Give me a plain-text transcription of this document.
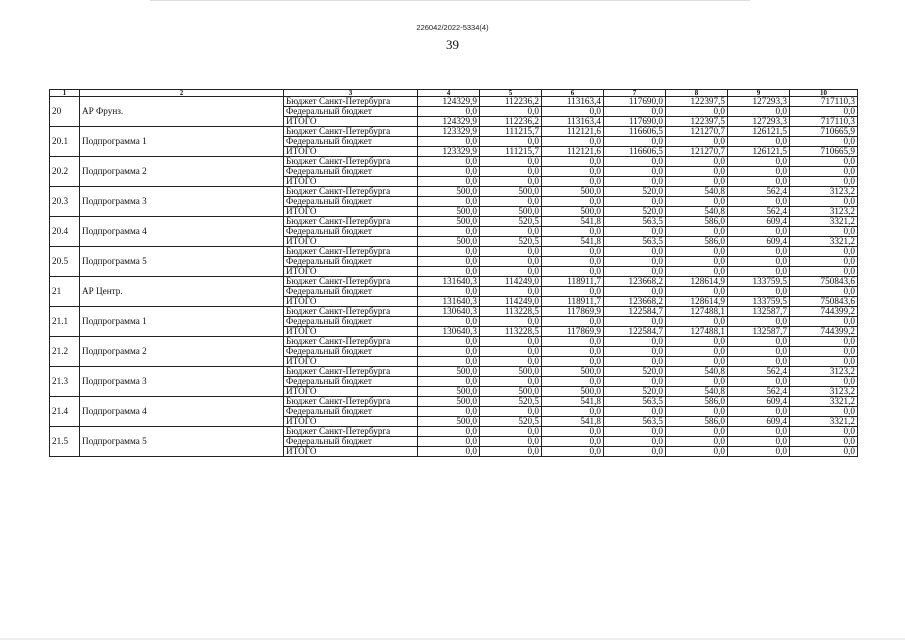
226042/2022-5334(4)
39
1	2	3	4	5	6	7	8	9	10
20	АР Фрунз.	Бюджет Санкт-Петербурга	124329,9	112236,2	113163,4	117690,0	122397,5	127293,3	717110,3
		Федеральный бюджет	0,0	0,0	0,0	0,0	0,0	0,0	0,0
		ИТОГО	124329,9	112236,2	113163,4	117690,0	122397,5	127293,3	717110,3
20.1	Подпрограмма 1	Бюджет Санкт-Петербурга	123329,9	111215,7	112121,6	116606,5	121270,7	126121,5	710665,9
		Федеральный бюджет	0,0	0,0	0,0	0,0	0,0	0,0	0,0
		ИТОГО	123329,9	111215,7	112121,6	116606,5	121270,7	126121,5	710665,9
20.2	Подпрограмма 2	Бюджет Санкт-Петербурга	0,0	0,0	0,0	0,0	0,0	0,0	0,0
		Федеральный бюджет	0,0	0,0	0,0	0,0	0,0	0,0	0,0
		ИТОГО	0,0	0,0	0,0	0,0	0,0	0,0	0,0
20.3	Подпрограмма 3	Бюджет Санкт-Петербурга	500,0	500,0	500,0	520,0	540,8	562,4	3123,2
		Федеральный бюджет	0,0	0,0	0,0	0,0	0,0	0,0	0,0
		ИТОГО	500,0	500,0	500,0	520,0	540,8	562,4	3123,2
20.4	Подпрограмма 4	Бюджет Санкт-Петербурга	500,0	520,5	541,8	563,5	586,0	609,4	3321,2
		Федеральный бюджет	0,0	0,0	0,0	0,0	0,0	0,0	0,0
		ИТОГО	500,0	520,5	541,8	563,5	586,0	609,4	3321,2
20.5	Подпрограмма 5	Бюджет Санкт-Петербурга	0,0	0,0	0,0	0,0	0,0	0,0	0,0
		Федеральный бюджет	0,0	0,0	0,0	0,0	0,0	0,0	0,0
		ИТОГО	0,0	0,0	0,0	0,0	0,0	0,0	0,0
21	АР Центр.	Бюджет Санкт-Петербурга	131640,3	114249,0	118911,7	123668,2	128614,9	133759,5	750843,6
		Федеральный бюджет	0,0	0,0	0,0	0,0	0,0	0,0	0,0
		ИТОГО	131640,3	114249,0	118911,7	123668,2	128614,9	133759,5	750843,6
21.1	Подпрограмма 1	Бюджет Санкт-Петербурга	130640,3	113228,5	117869,9	122584,7	127488,1	132587,7	744399,2
		Федеральный бюджет	0,0	0,0	0,0	0,0	0,0	0,0	0,0
		ИТОГО	130640,3	113228,5	117869,9	122584,7	127488,1	132587,7	744399,2
21.2	Подпрограмма 2	Бюджет Санкт-Петербурга	0,0	0,0	0,0	0,0	0,0	0,0	0,0
		Федеральный бюджет	0,0	0,0	0,0	0,0	0,0	0,0	0,0
		ИТОГО	0,0	0,0	0,0	0,0	0,0	0,0	0,0
21.3	Подпрограмма 3	Бюджет Санкт-Петербурга	500,0	500,0	500,0	520,0	540,8	562,4	3123,2
		Федеральный бюджет	0,0	0,0	0,0	0,0	0,0	0,0	0,0
		ИТОГО	500,0	500,0	500,0	520,0	540,8	562,4	3123,2
21.4	Подпрограмма 4	Бюджет Санкт-Петербурга	500,0	520,5	541,8	563,5	586,0	609,4	3321,2
		Федеральный бюджет	0,0	0,0	0,0	0,0	0,0	0,0	0,0
		ИТОГО	500,0	520,5	541,8	563,5	586,0	609,4	3321,2
21.5	Подпрограмма 5	Бюджет Санкт-Петербурга	0,0	0,0	0,0	0,0	0,0	0,0	0,0
		Федеральный бюджет	0,0	0,0	0,0	0,0	0,0	0,0	0,0
		ИТОГО	0,0	0,0	0,0	0,0	0,0	0,0	0,0
